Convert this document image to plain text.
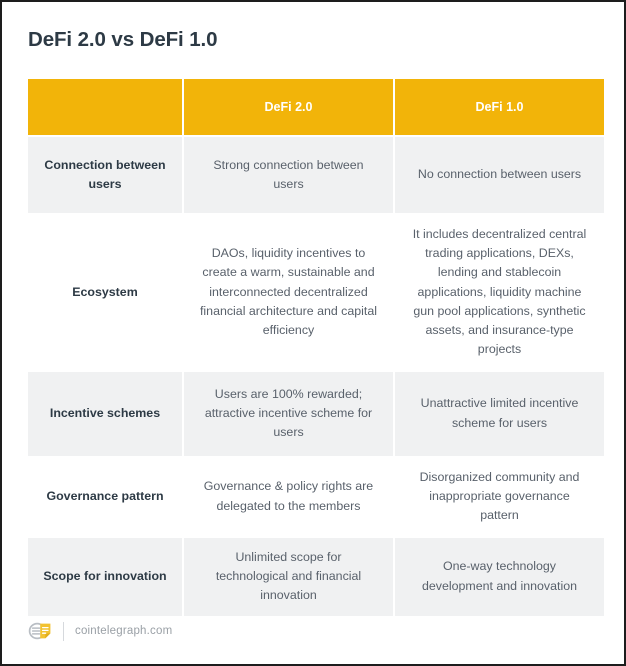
DeFi 2.0 vs DeFi 1.0
	DeFi 2.0	DeFi 1.0
Connection between users	Strong connection between users	No connection between users
Ecosystem	DAOs, liquidity incentives to create a warm, sustainable and interconnected decentralized financial architecture and capital efficiency	It includes decentralized central trading applications, DEXs, lending and stablecoin applications, liquidity machine gun pool applications, synthetic assets, and insurance-type projects
Incentive schemes	Users are 100% rewarded; attractive incentive scheme for users	Unattractive limited incentive scheme for users
Governance pattern	Governance & policy rights are delegated to the members	Disorganized community and inappropriate governance pattern
Scope for innovation	Unlimited scope for technological and financial innovation	One-way technology development and innovation
cointelegraph.com
